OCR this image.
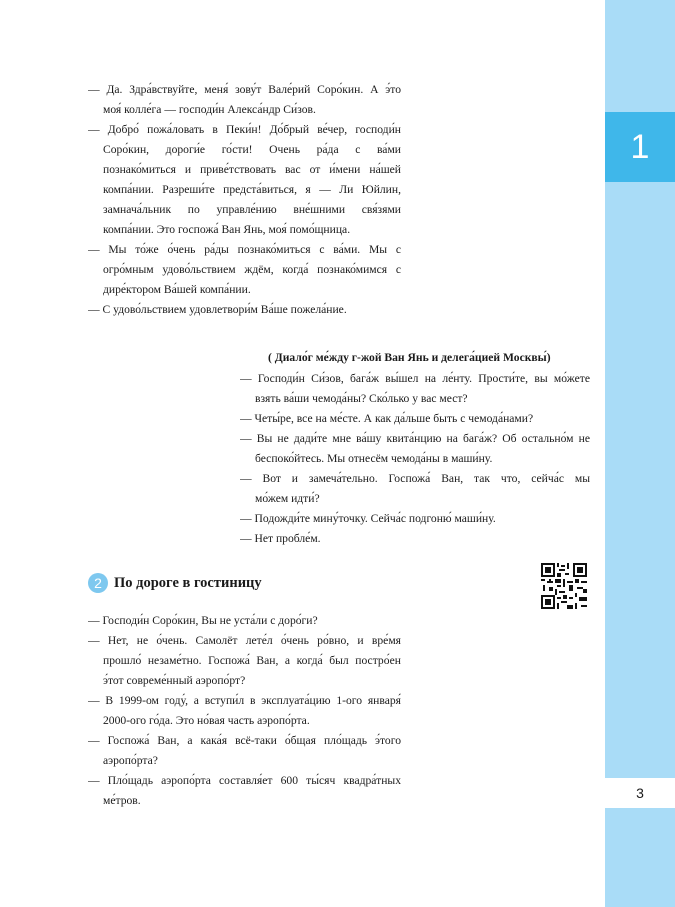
1
3
— Да. Здра́вствуйте, меня́ зову́т Вале́рий Соро́кин. А э́то
моя́ колле́га — господи́н Алекса́ндр Си́зов.
— Добро́ пожа́ловать в Пеки́н! До́брый ве́чер, господи́н
Соро́кин, дороги́е го́сти! Очень ра́да с ва́ми
познако́миться и приве́тствовать вас от и́мени на́шей
компа́нии. Разреши́те предста́виться, я — Ли Юйлин,
замнача́льник по управле́нию вне́шними свя́зями
компа́нии. Это госпожа́ Ван Янь, моя́ помо́щница.
— Мы то́же о́чень ра́ды познако́миться с ва́ми. Мы с
огро́мным удово́льствием ждём, когда́ познако́мимся с
дире́ктором Ва́шей компа́нии.
— С удово́льствием удовлетвори́м Ва́ше пожела́ние.
( Диало́г ме́жду г-жой Ван Янь и делега́цией Москвы́)
— Господи́н Си́зов, бага́ж вы́шел на ле́нту. Прости́те, вы мо́жете
взять ва́ши чемода́ны? Ско́лько у вас мест?
— Четы́ре, все на ме́сте. А как да́льше быть с чемода́нами?
— Вы не дади́те мне ва́шу квита́нцию на бага́ж? Об остально́м не
беспоко́йтесь. Мы отнесём чемода́ны в маши́ну.
— Вот и замеча́тельно. Госпожа́ Ван, так что, сейча́с мы
мо́жем идти́?
— Подожди́те мину́точку. Сейча́с подгоню́ маши́ну.
— Нет пробле́м.
2 По дороге в гостиницу
— Господи́н Соро́кин, Вы не уста́ли с доро́ги?
— Нет, не о́чень. Самолёт лете́л о́чень ро́вно, и вре́мя
прошло́ незаме́тно. Госпожа́ Ван, а когда́ был постро́ен
э́тот совреме́нный аэропо́рт?
— В 1999-ом году́, а вступи́л в эксплуата́цию 1-ого января́
2000-ого го́да. Это но́вая часть аэропо́рта.
— Госпожа́ Ван, а кака́я всё-таки о́бщая пло́щадь э́того
аэропо́рта?
— Пло́щадь аэропо́рта составля́ет 600 ты́сяч квадра́тных
ме́тров.
